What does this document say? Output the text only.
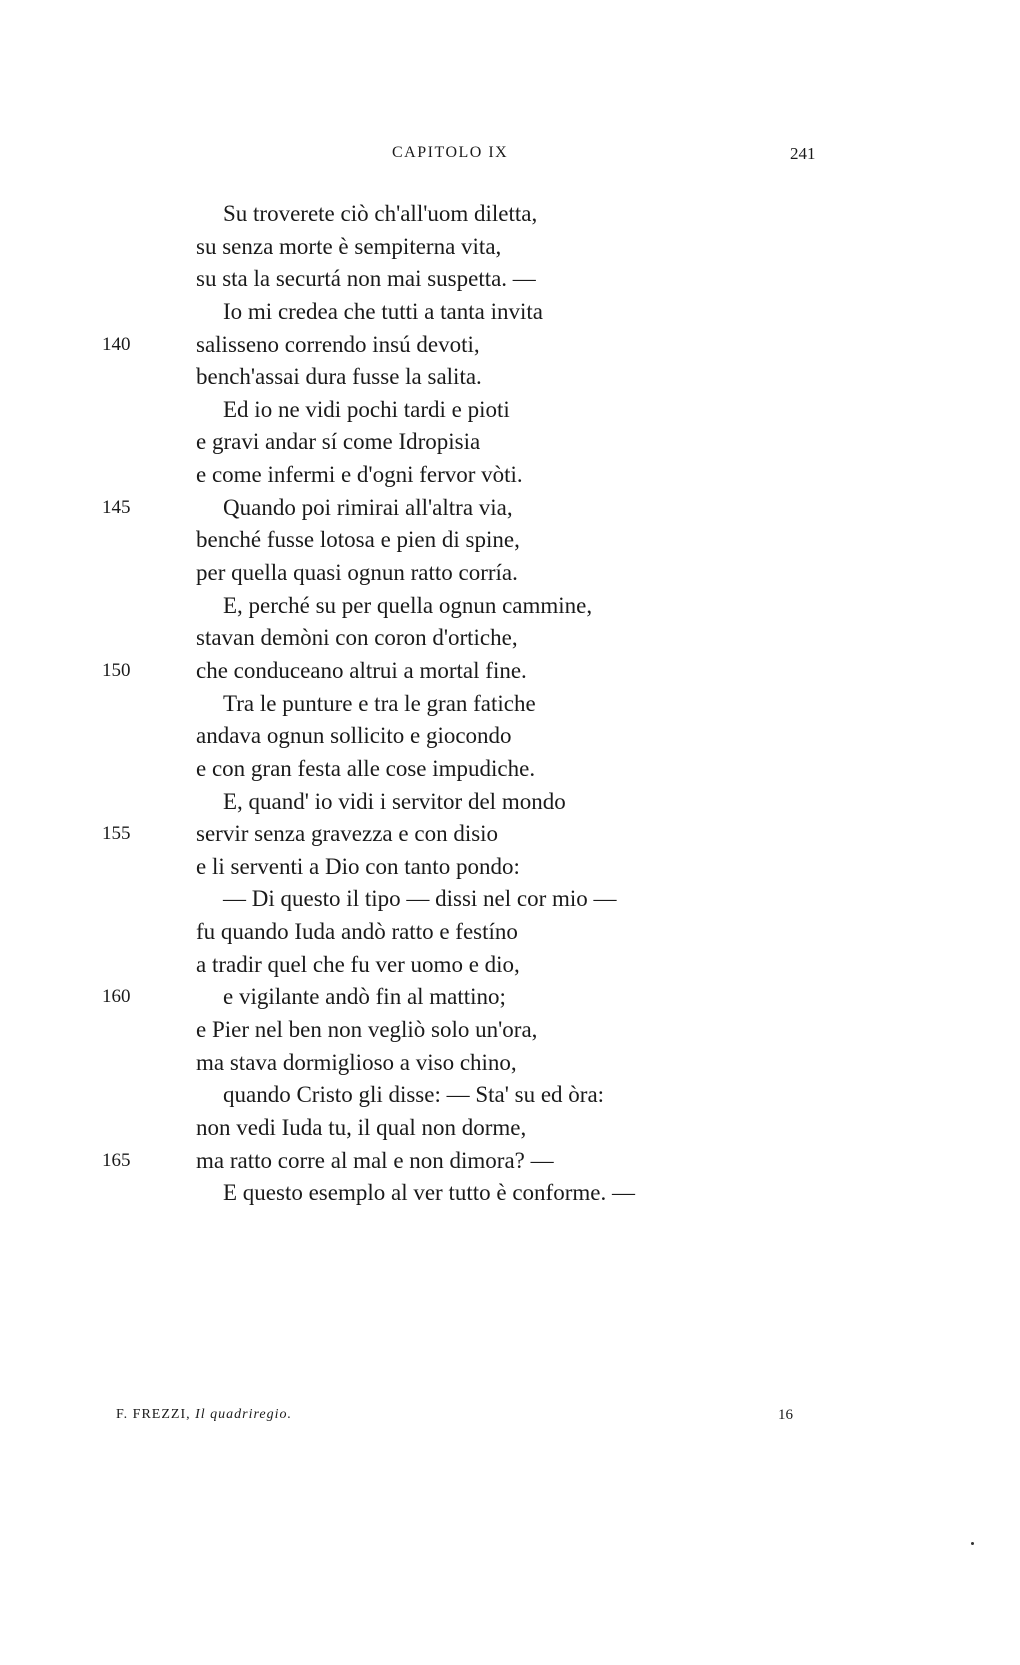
CAPITOLO IX	241
Su troverete ciò ch'all'uom diletta,
su senza morte è sempiterna vita,
su sta la securtá non mai suspetta. —
Io mi credea che tutti a tanta invita
140	salisseno correndo insú devoti,
bench'assai dura fusse la salita.
Ed io ne vidi pochi tardi e pioti
e gravi andar sí come Idropisia
e come infermi e d'ogni fervor vòti.
145	Quando poi rimirai all'altra via,
benché fusse lotosa e pien di spine,
per quella quasi ognun ratto corría.
E, perché su per quella ognun cammine,
stavan demòni con coron d'ortiche,
150	che conduceano altrui a mortal fine.
Tra le punture e tra le gran fatiche
andava ognun sollicito e giocondo
e con gran festa alle cose impudiche.
E, quand' io vidi i servitor del mondo
155	servir senza gravezza e con disio
e li serventi a Dio con tanto pondo:
— Di questo il tipo — dissi nel cor mio —
fu quando Iuda andò ratto e festíno
a tradir quel che fu ver uomo e dio,
160	e vigilante andò fin al mattino;
e Pier nel ben non vegliò solo un'ora,
ma stava dormiglioso a viso chino,
quando Cristo gli disse: — Sta' su ed òra:
non vedi Iuda tu, il qual non dorme,
165	ma ratto corre al mal e non dimora? —
E questo esemplo al ver tutto è conforme. —
F. FREZZI, Il quadriregio.	16
